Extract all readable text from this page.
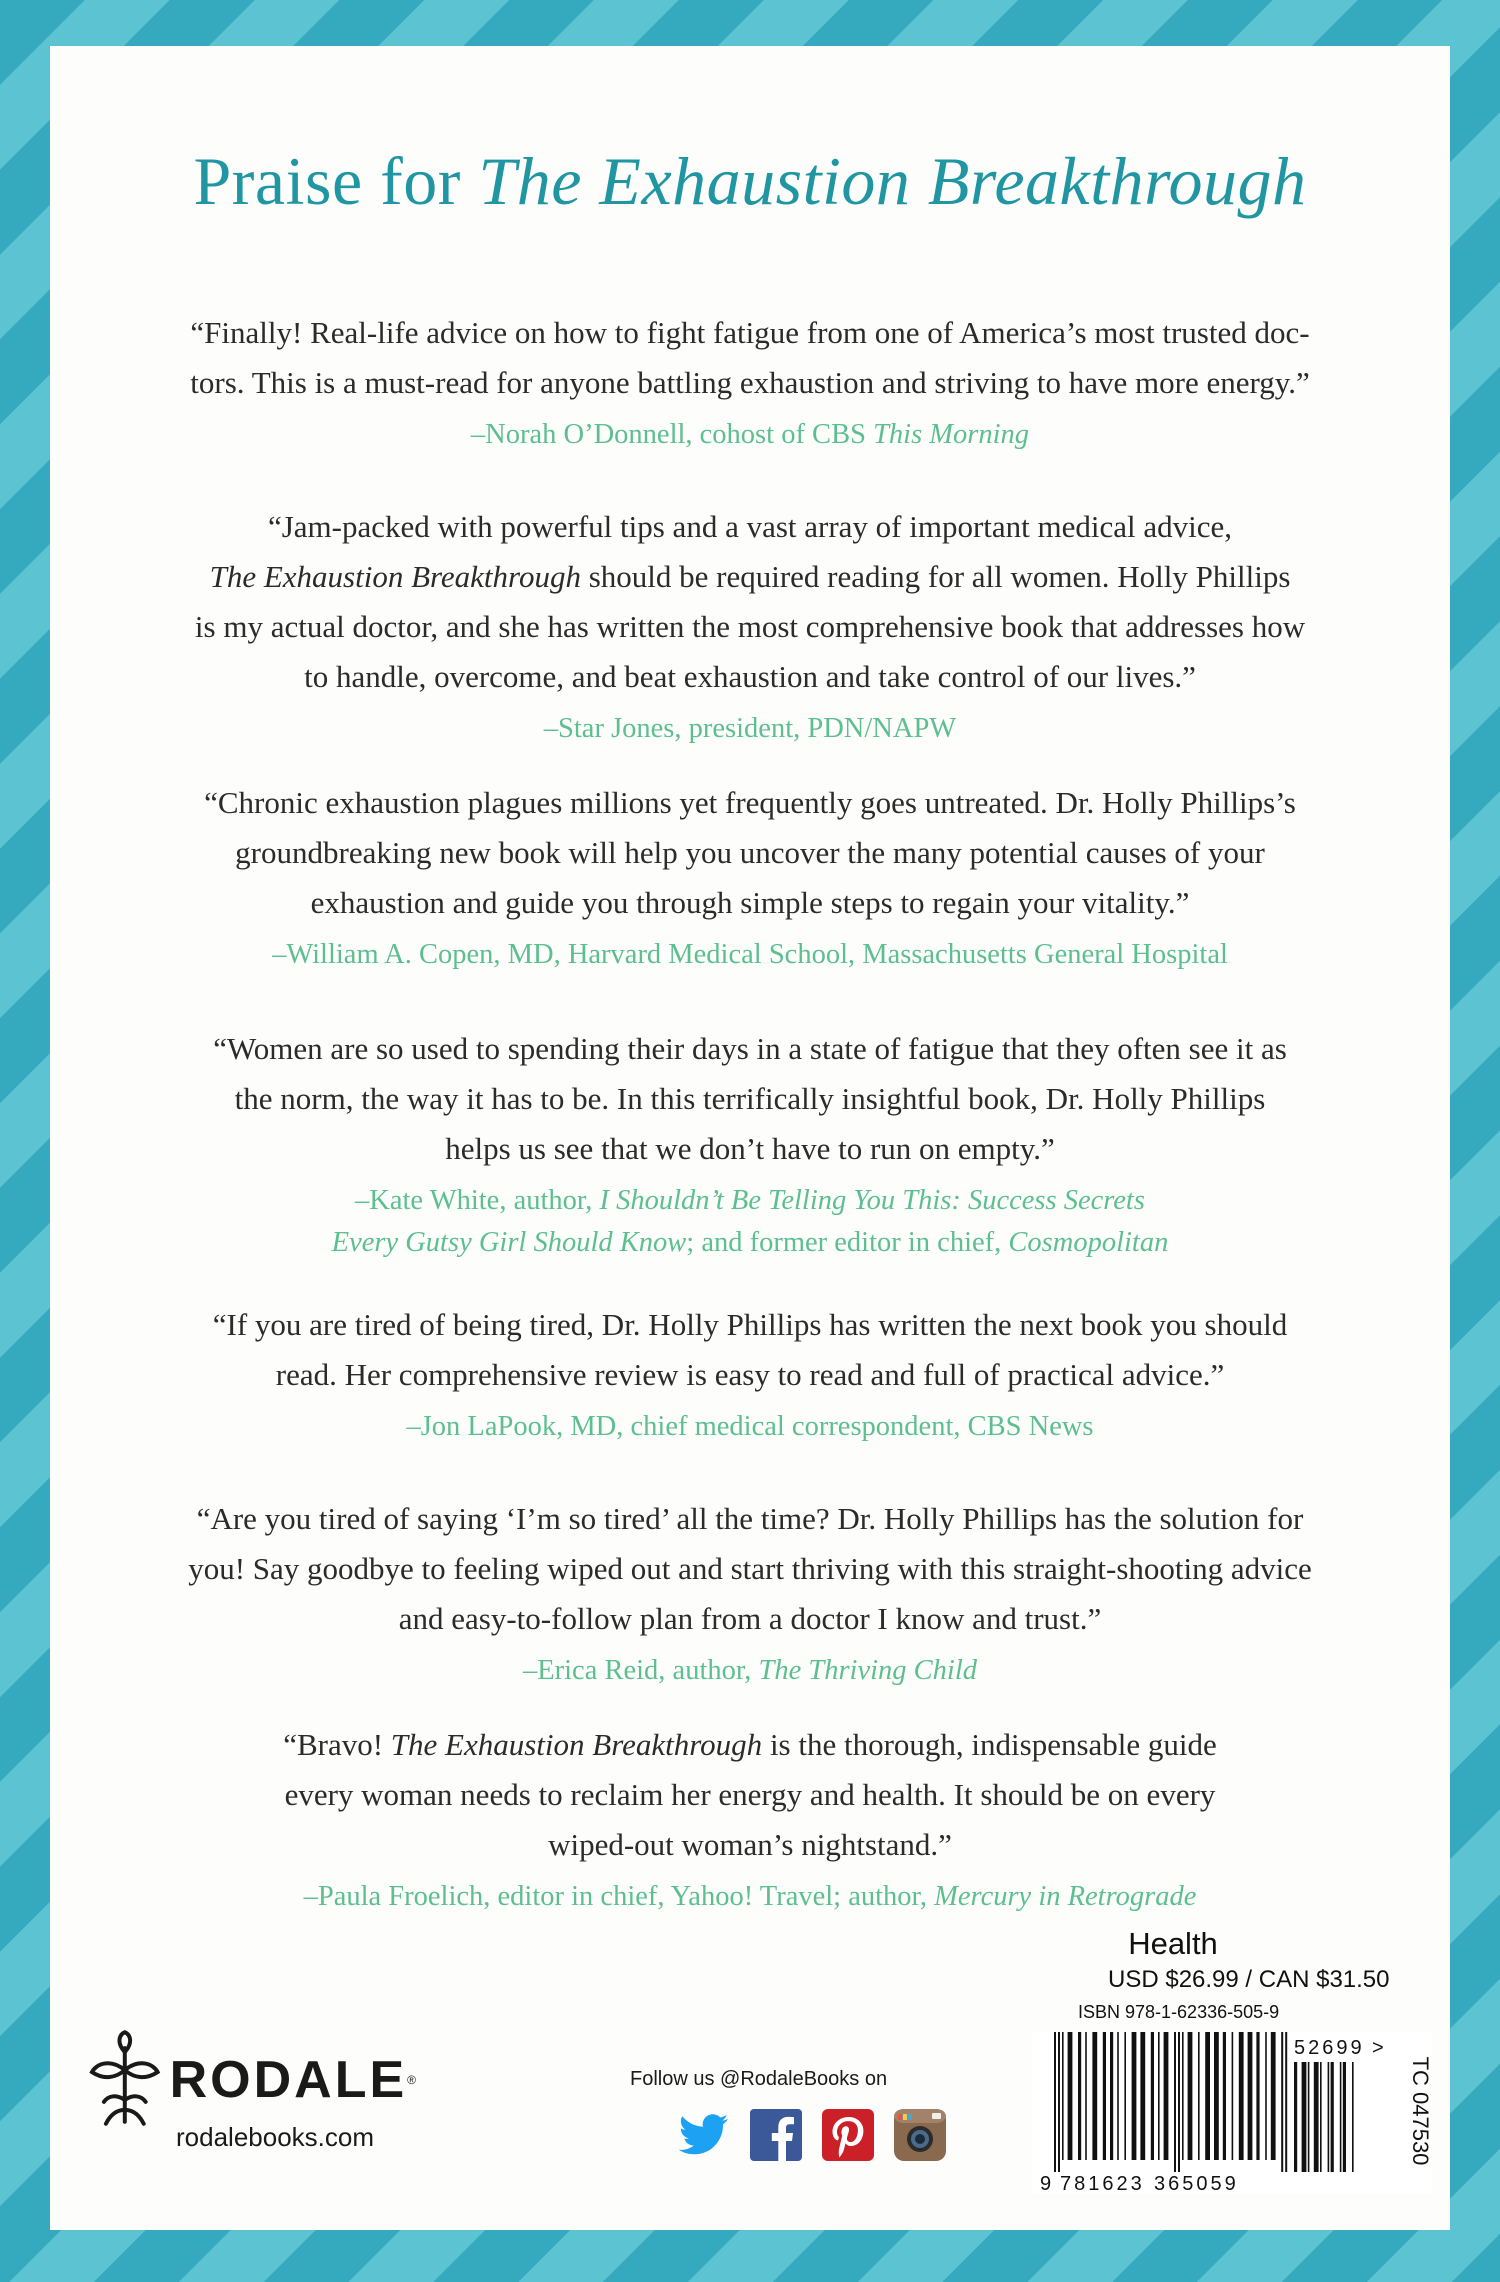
Praise for The Exhaustion Breakthrough

“Finally! Real-life advice on how to fight fatigue from one of America’s most trusted doc-
tors. This is a must-read for anyone battling exhaustion and striving to have more energy.”

–Norah O’Donnell, cohost of CBS This Morning

“Jam-packed with powerful tips and a vast array of important medical advice,
The Exhaustion Breakthrough should be required reading for all women. Holly Phillips
is my actual doctor, and she has written the most comprehensive book that addresses how
to handle, overcome, and beat exhaustion and take control of our lives.”

–Star Jones, president, PDN/NAPW

“Chronic exhaustion plagues millions yet frequently goes untreated. Dr. Holly Phillips’s
groundbreaking new book will help you uncover the many potential causes of your
exhaustion and guide you through simple steps to regain your vitality.”

–William A. Copen, MD, Harvard Medical School, Massachusetts General Hospital

“Women are so used to spending their days in a state of fatigue that they often see it as
the norm, the way it has to be. In this terrifically insightful book, Dr. Holly Phillips
helps us see that we don’t have to run on empty.”

–Kate White, author, I Shouldn’t Be Telling You This: Success Secrets
Every Gutsy Girl Should Know; and former editor in chief, Cosmopolitan

“If you are tired of being tired, Dr. Holly Phillips has written the next book you should
read. Her comprehensive review is easy to read and full of practical advice.”

–Jon LaPook, MD, chief medical correspondent, CBS News

“Are you tired of saying ‘I’m so tired’ all the time? Dr. Holly Phillips has the solution for
you! Say goodbye to feeling wiped out and start thriving with this straight-shooting advice
and easy-to-follow plan from a doctor I know and trust.”

–Erica Reid, author, The Thriving Child

“Bravo! The Exhaustion Breakthrough is the thorough, indispensable guide
every woman needs to reclaim her energy and health. It should be on every
wiped-out woman’s nightstand.”

–Paula Froelich, editor in chief, Yahoo! Travel; author, Mercury in Retrograde

RODALE ®
rodalebooks.com
Follow us @RodaleBooks on
Health
USD $26.99 / CAN $31.50
ISBN 978-1-62336-505-9
9 781623 365059
52699 >
TC 047530
